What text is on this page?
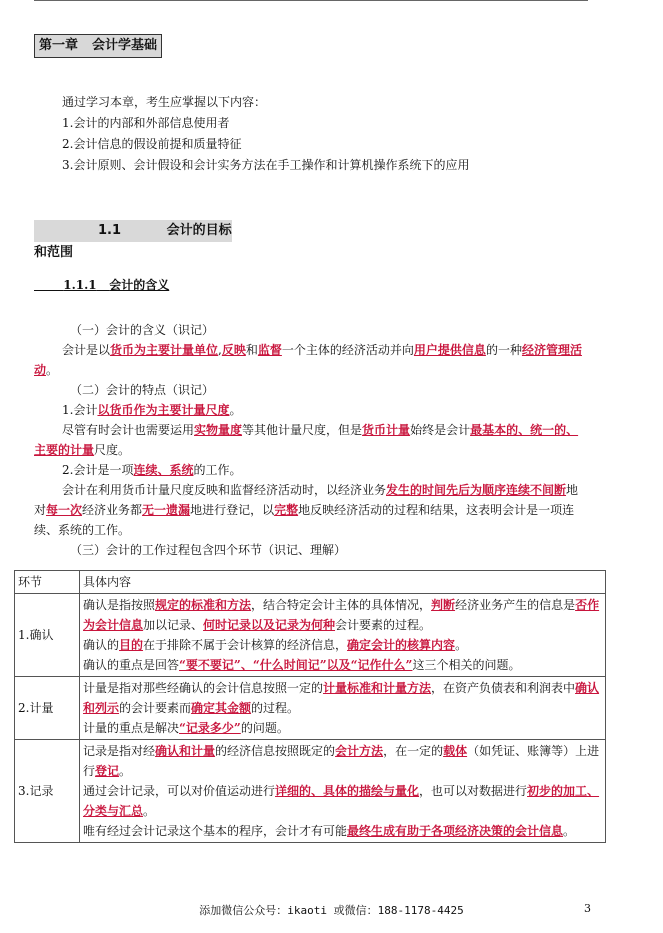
第一章 会计学基础
通过学习本章，考生应掌握以下内容：
1.会计的内部和外部信息使用者
2.会计信息的假设前提和质量特征
3.会计原则、会计假设和会计实务方法在手工操作和计算机操作系统下的应用
1.1	会计的目标和范围
1.1.1 会计的含义

（一）会计的含义（识记）

会计是以货币为主要计量单位,反映和监督一个主体的经济活动并向用户提供信息的一种经济管理活动。

（二）会计的特点（识记）

1.会计以货币作为主要计量尺度。

尽管有时会计也需要运用实物量度等其他计量尺度，但是货币计量始终是会计最基本的、统一的、主要的计量尺度。

2.会计是一项连续、系统的工作。

会计在利用货币计量尺度反映和监督经济活动时，以经济业务发生的时间先后为顺序连续不间断地对每一次经济业务都无一遗漏地进行登记，以完整地反映经济活动的过程和结果，这表明会计是一项连续、系统的工作。

（三）会计的工作过程包含四个环节（识记、理解）

环节	具体内容
1.确认	确认是指按照规定的标准和方法，结合特定会计主体的具体情况，判断经济业务产生的信息是否作为会计信息加以记录、何时记录以及记录为何种会计要素的过程。
确认的目的在于排除不属于会计核算的经济信息，确定会计的核算内容。
确认的重点是回答“要不要记”、“什么时间记”以及“记作什么”这三个相关的问题。

2.计量	计量是指对那些经确认的会计信息按照一定的计量标准和计量方法，在资产负债表和利润表中确认和列示的会计要素而确定其金额的过程。
计量的重点是解决“记录多少”的问题。

3.记录	记录是指对经确认和计量的经济信息按照既定的会计方法，在一定的载体（如凭证、账簿等）上进行登记。
通过会计记录，可以对价值运动进行详细的、具体的描绘与量化，也可以对数据进行初步的加工、分类与汇总。
唯有经过会计记录这个基本的程序，会计才有可能最终生成有助于各项经济决策的会计信息。
添加微信公众号：ikaoti 或微信：188-1178-4425	3
